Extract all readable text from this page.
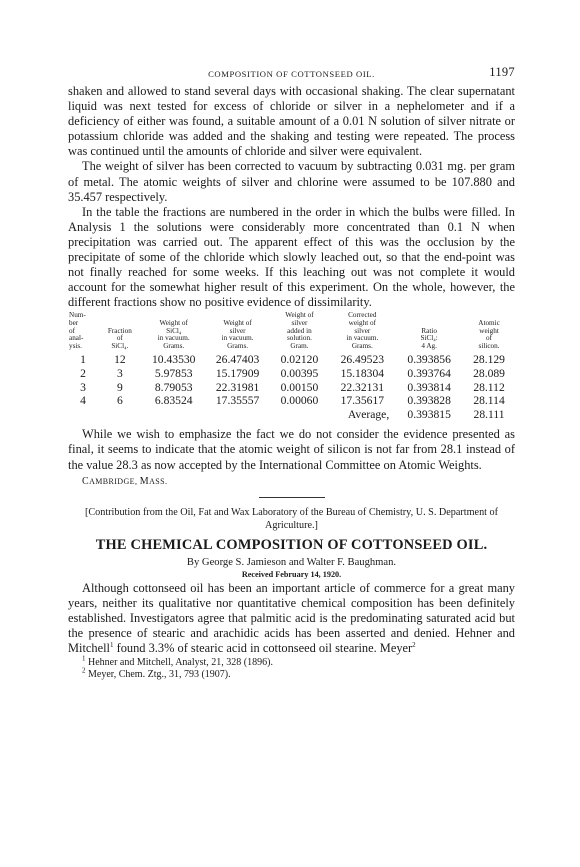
COMPOSITION OF COTTONSEED OIL.	1197

shaken and allowed to stand several days with occasional shaking. The clear supernatant liquid was next tested for excess of chloride or silver in a nephelometer and if a deficiency of either was found, a suitable amount of a 0.01 N solution of silver nitrate or potassium chloride was added and the shaking and testing were repeated. The process was continued until the amounts of chloride and silver were equivalent.

The weight of silver has been corrected to vacuum by subtracting 0.031 mg. per gram of metal. The atomic weights of silver and chlorine were assumed to be 107.880 and 35.457 respectively.

In the table the fractions are numbered in the order in which the bulbs were filled. In Analysis 1 the solutions were considerably more concentrated than 0.1 N when precipitation was carried out. The apparent effect of this was the occlusion by the precipitate of some of the chloride which slowly leached out, so that the end-point was not finally reached for some weeks. If this leaching out was not complete it would account for the somewhat higher result of this experiment. On the whole, however, the different fractions show no positive evidence of dissimilarity.

Num-
ber
of
anal-
ysis.	Fraction
of
SiCl₄.	Weight of
SiCl₄
in vacuum.
Grams.	Weight of
silver
in vacuum.
Grams.	Weight of
silver
added in
solution.
Gram.	Corrected
weight of
silver
in vacuum.
Grams.	Ratio
SiCl₄:
4 Ag.	Atomic
weight
of
silicon.
1	12	10.43530	26.47403	0.02120	26.49523	0.393856	28.129
2	3	5.97853	15.17909	0.00395	15.18304	0.393764	28.089
3	9	8.79053	22.31981	0.00150	22.32131	0.393814	28.112
4	6	6.83524	17.35557	0.00060	17.35617	0.393828	28.114
Average,						0.393815	28.111

While we wish to emphasize the fact we do not consider the evidence presented as final, it seems to indicate that the atomic weight of silicon is not far from 28.1 instead of the value 28.3 as now accepted by the International Committee on Atomic Weights.

CAMBRIDGE, MASS.
[Contribution from the Oil, Fat and Wax Laboratory of the Bureau of Chemistry, U. S. Department of Agriculture.]
THE CHEMICAL COMPOSITION OF COTTONSEED OIL.
By George S. Jamieson and Walter F. Baughman.
Received February 14, 1920.

Although cottonseed oil has been an important article of commerce for a great many years, neither its qualitative nor quantitative chemical composition has been definitely established. Investigators agree that palmitic acid is the predominating saturated acid but the presence of stearic and arachidic acids has been asserted and denied. Hehner and Mitchell$^1$ found 3.3% of stearic acid in cottonseed oil stearine. Meyer$^2$

$^1$ Hehner and Mitchell, Analyst, 21, 328 (1896).
$^2$ Meyer, Chem. Ztg., 31, 793 (1907).
